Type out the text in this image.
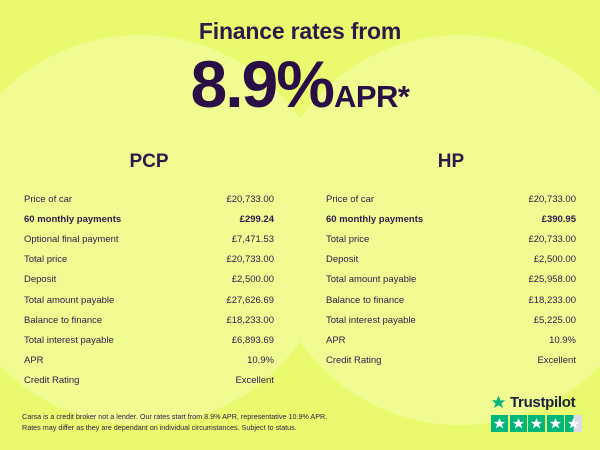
Finance rates from
8.9%APR*
PCP
Price of car	£20,733.00
60 monthly payments	£299.24
Optional final payment	£7,471.53
Total price	£20,733.00
Deposit	£2,500.00
Total amount payable	£27,626.69
Balance to finance	£18,233.00
Total interest payable	£6,893.69
APR	10.9%
Credit Rating	Excellent
HP
Price of car	£20,733.00
60 monthly payments	£390.95
Total price	£20,733.00
Deposit	£2,500.00
Total amount payable	£25,958.00
Balance to finance	£18,233.00
Total interest payable	£5,225.00
APR	10.9%
Credit Rating	Excellent
Carsa is a credit broker not a lender. Our rates start from 8.9% APR, representative 10.9% APR.
Rates may differ as they are dependant on individual circumstances. Subject to status.
Trustpilot
